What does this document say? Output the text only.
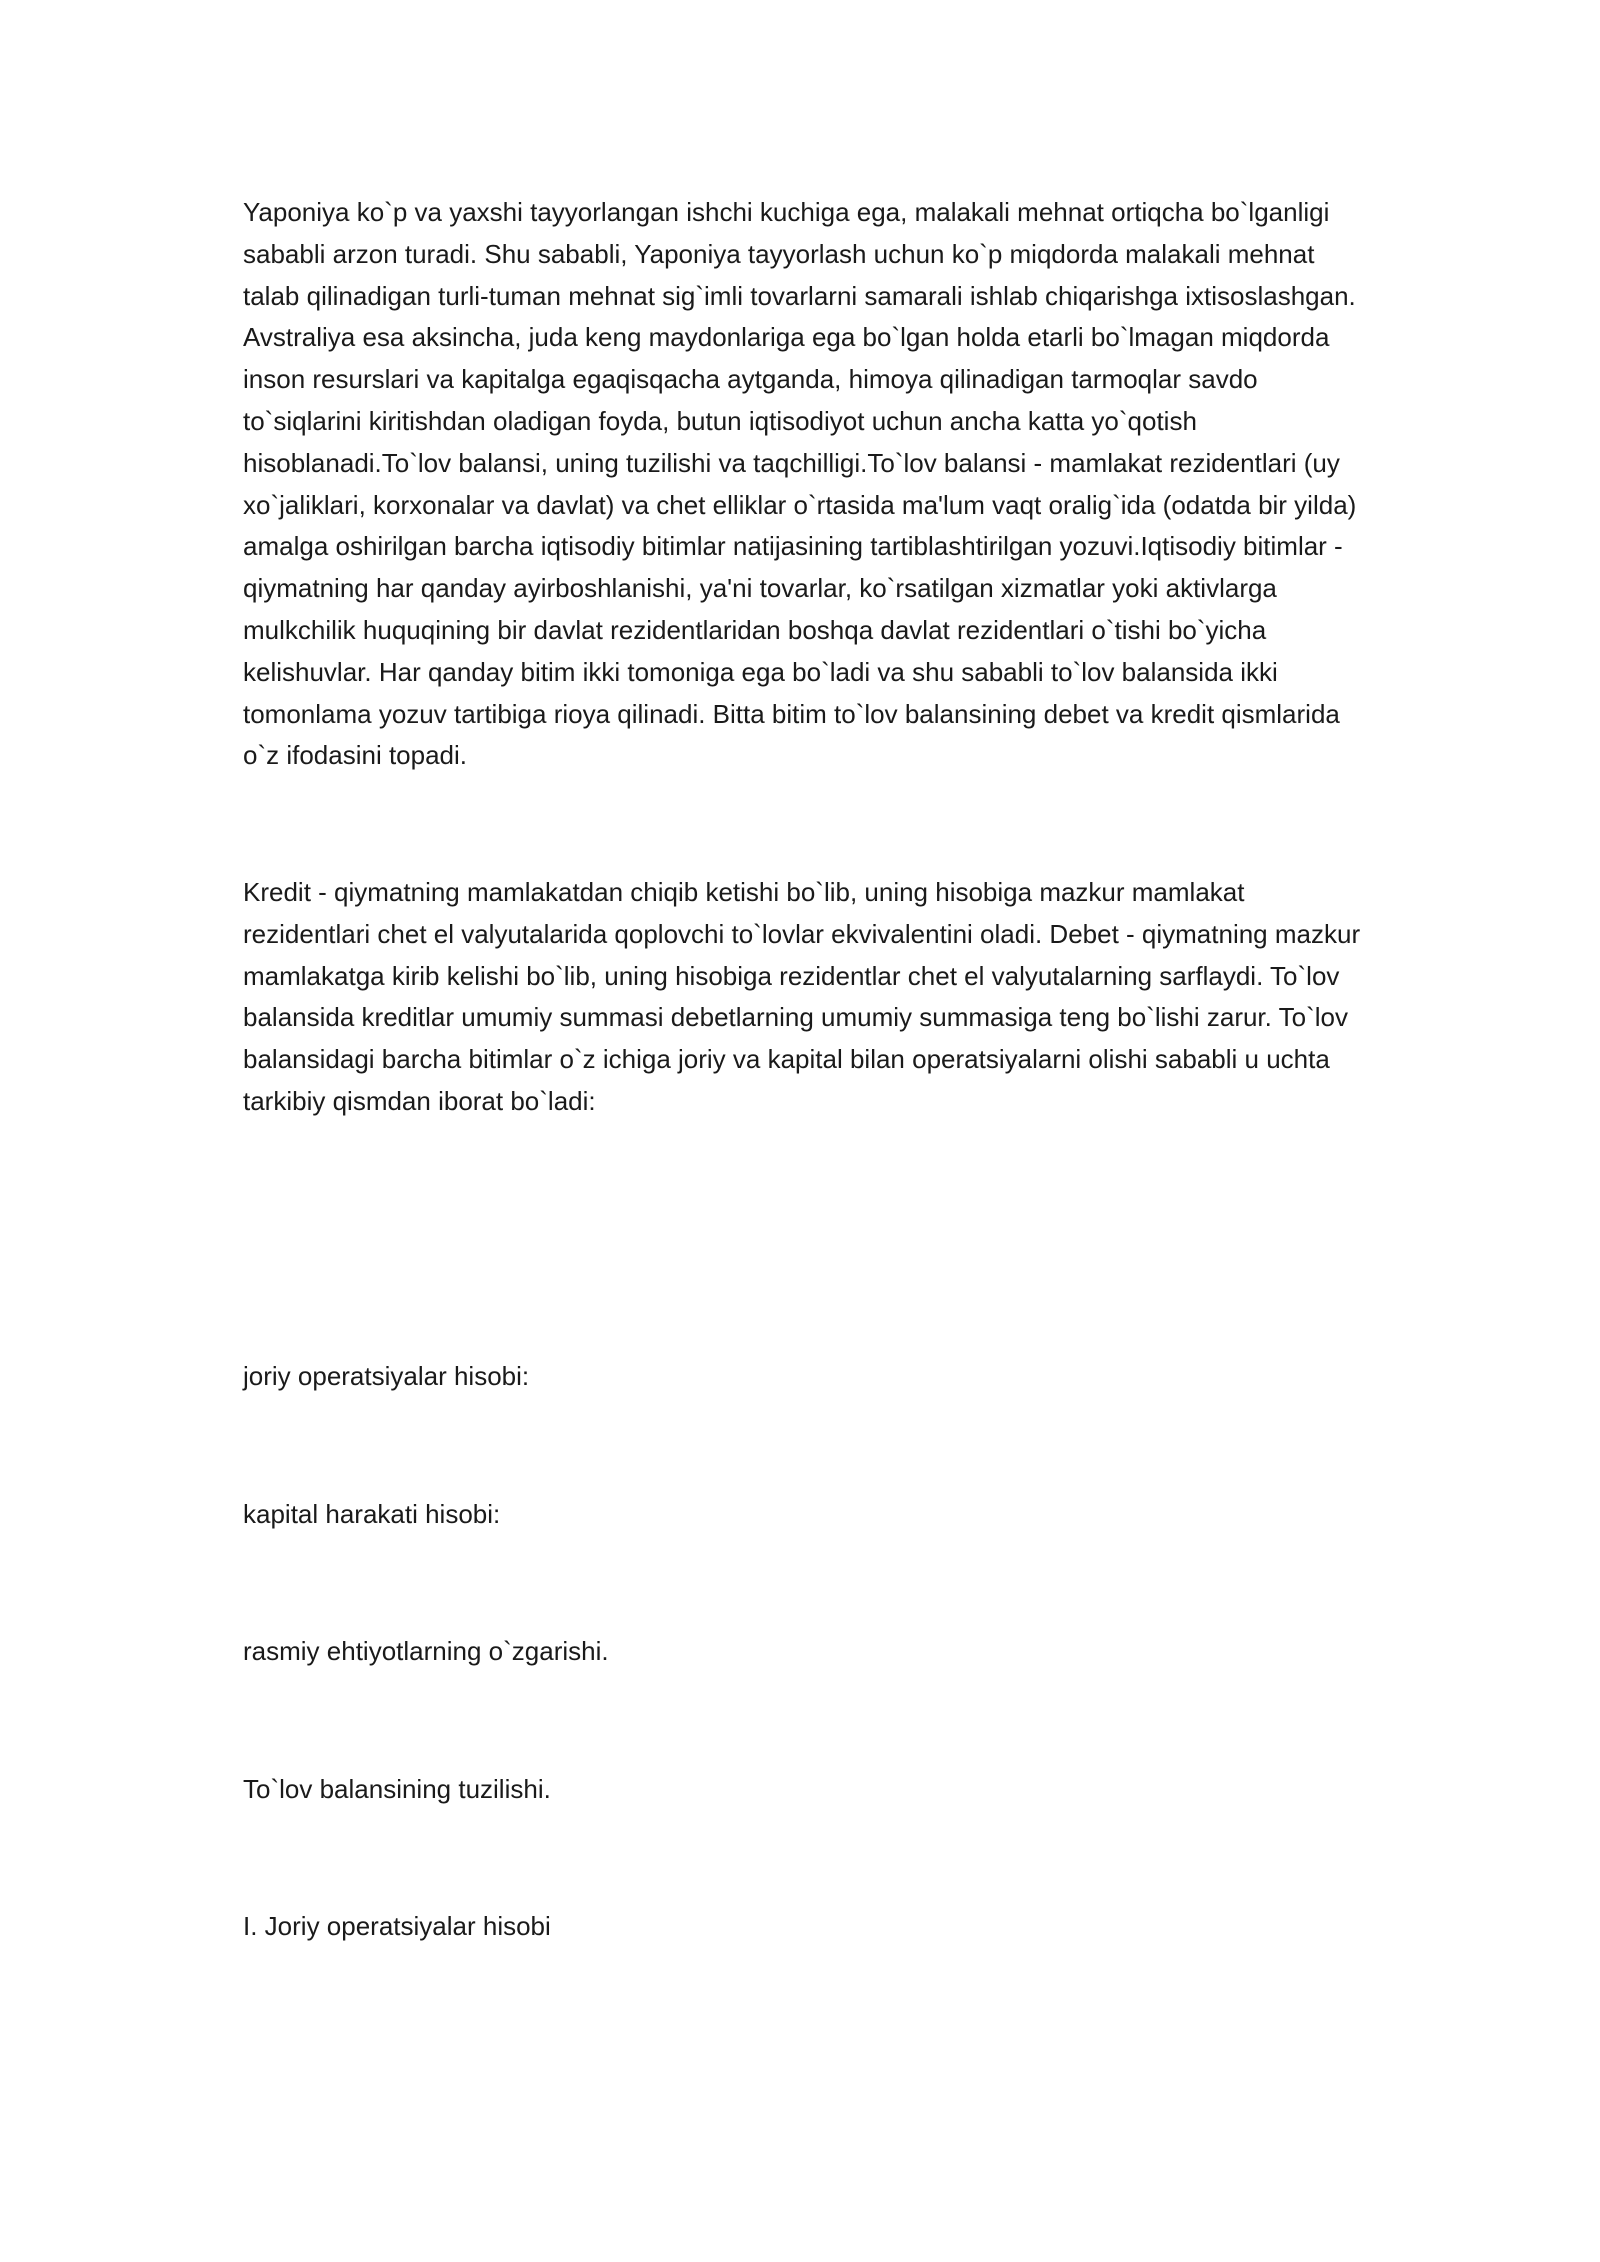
Yaponiya ko`p va yaxshi tayyorlangan ishchi kuchiga ega, malakali mehnat ortiqcha bo`lganligi sababli arzon turadi. Shu sababli, Yaponiya tayyorlash uchun ko`p miqdorda malakali mehnat talab qilinadigan turli-tuman mehnat sig`imli tovarlarni samarali ishlab chiqarishga ixtisoslashgan. Avstraliya esa aksincha, juda keng maydonlariga ega bo`lgan holda etarli bo`lmagan miqdorda inson resurslari va kapitalga egaqisqacha aytganda, himoya qilinadigan tarmoqlar savdo to`siqlarini kiritishdan oladigan foyda, butun iqtisodiyot uchun ancha katta yo`qotish hisoblanadi.To`lov balansi, uning tuzilishi va taqchilligi.To`lov balansi - mamlakat rezidentlari (uy xo`jaliklari, korxonalar va davlat) va chet elliklar o`rtasida ma'lum vaqt oralig`ida (odatda bir yilda) amalga oshirilgan barcha iqtisodiy bitimlar natijasining tartiblashtirilgan yozuvi.Iqtisodiy bitimlar - qiymatning har qanday ayirboshlanishi, ya'ni tovarlar, ko`rsatilgan xizmatlar yoki aktivlarga mulkchilik huquqining bir davlat rezidentlaridan boshqa davlat rezidentlari o`tishi bo`yicha kelishuvlar. Har qanday bitim ikki tomoniga ega bo`ladi va shu sababli to`lov balansida ikki tomonlama yozuv tartibiga rioya qilinadi. Bitta bitim to`lov balansining debet va kredit qismlarida o`z ifodasini topadi.

Kredit - qiymatning mamlakatdan chiqib ketishi bo`lib, uning hisobiga mazkur mamlakat rezidentlari chet el valyutalarida qoplovchi to`lovlar ekvivalentini oladi. Debet - qiymatning mazkur mamlakatga kirib kelishi bo`lib, uning hisobiga rezidentlar chet el valyutalarning sarflaydi. To`lov balansida kreditlar umumiy summasi debetlarning umumiy summasiga teng bo`lishi zarur. To`lov balansidagi barcha bitimlar o`z ichiga joriy va kapital bilan operatsiyalarni olishi sababli u uchta tarkibiy qismdan iborat bo`ladi:

joriy operatsiyalar hisobi:

kapital harakati hisobi:

rasmiy ehtiyotlarning o`zgarishi.

To`lov balansining tuzilishi.

I. Joriy operatsiyalar hisobi
